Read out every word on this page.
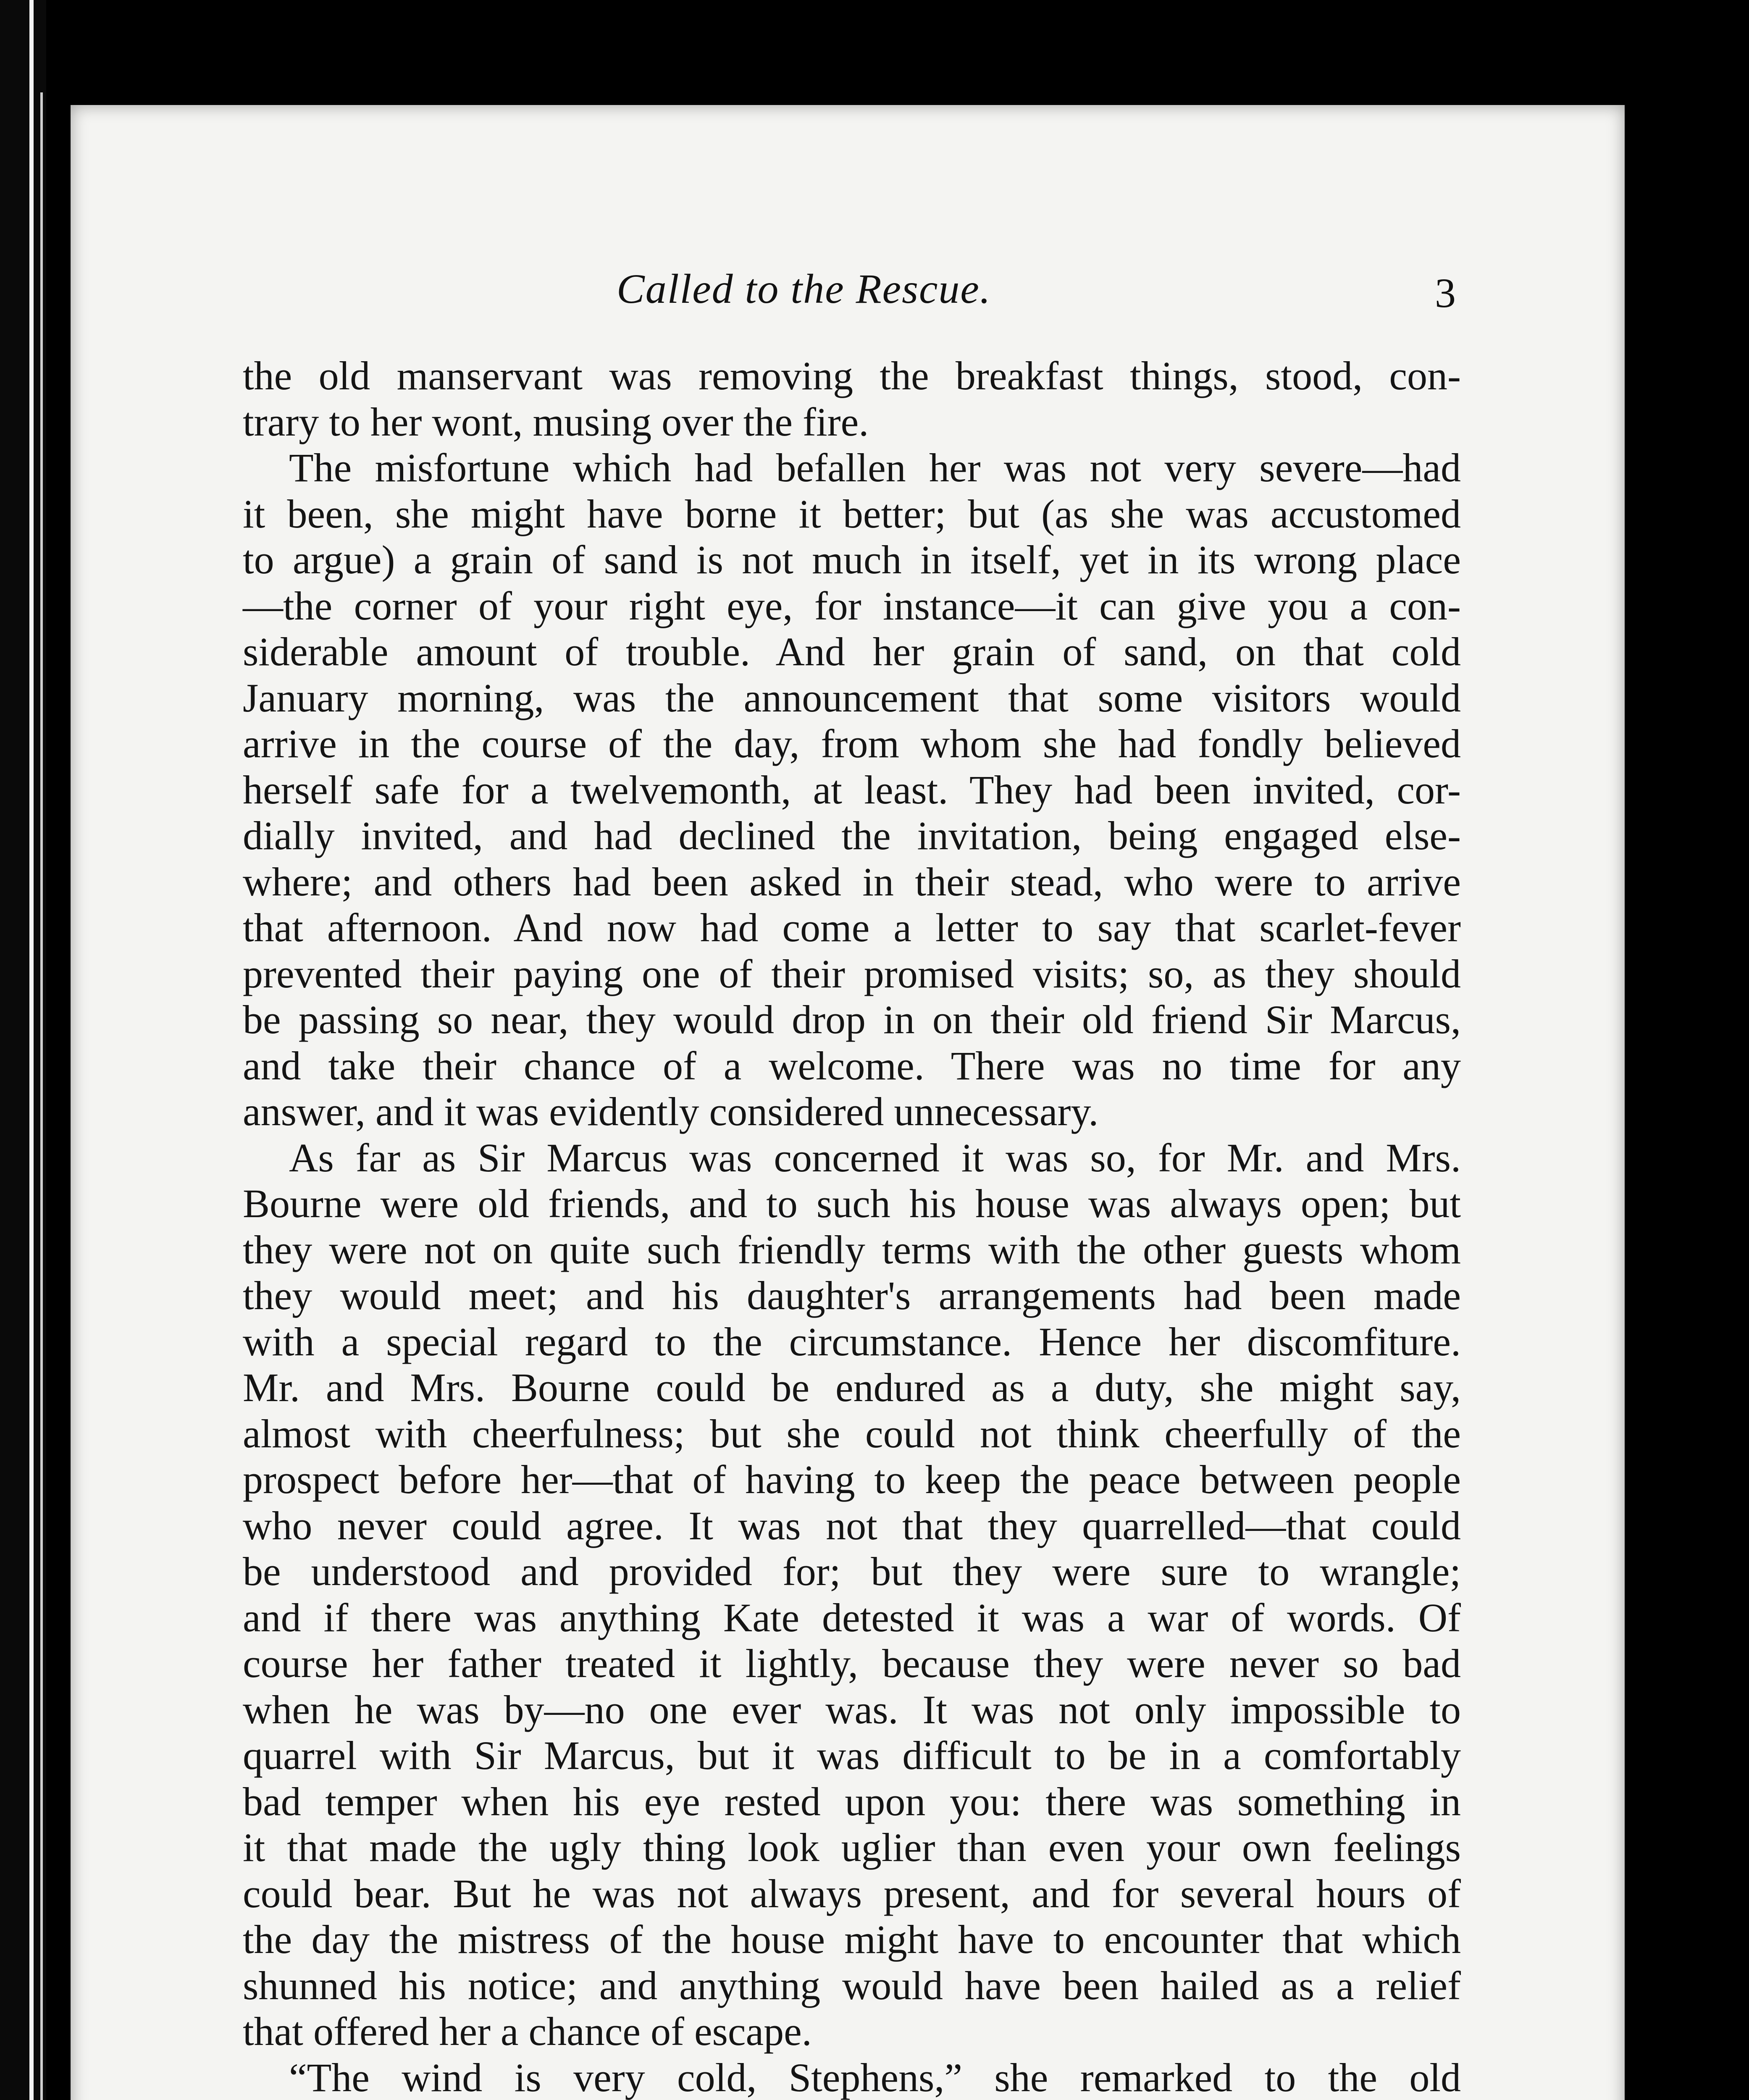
Called to the Rescue.	3
the old manservant was removing the breakfast things, stood, con-
trary to her wont, musing over the fire.
The misfortune which had befallen her was not very severe—had
it been, she might have borne it better; but (as she was accustomed
to argue) a grain of sand is not much in itself, yet in its wrong place
—the corner of your right eye, for instance—it can give you a con-
siderable amount of trouble. And her grain of sand, on that cold
January morning, was the announcement that some visitors would
arrive in the course of the day, from whom she had fondly believed
herself safe for a twelvemonth, at least. They had been invited, cor-
dially invited, and had declined the invitation, being engaged else-
where; and others had been asked in their stead, who were to arrive
that afternoon. And now had come a letter to say that scarlet-fever
prevented their paying one of their promised visits; so, as they should
be passing so near, they would drop in on their old friend Sir Marcus,
and take their chance of a welcome. There was no time for any
answer, and it was evidently considered unnecessary.
As far as Sir Marcus was concerned it was so, for Mr. and Mrs.
Bourne were old friends, and to such his house was always open; but
they were not on quite such friendly terms with the other guests whom
they would meet; and his daughter's arrangements had been made
with a special regard to the circumstance. Hence her discomfiture.
Mr. and Mrs. Bourne could be endured as a duty, she might say,
almost with cheerfulness; but she could not think cheerfully of the
prospect before her—that of having to keep the peace between people
who never could agree. It was not that they quarrelled—that could
be understood and provided for; but they were sure to wrangle;
and if there was anything Kate detested it was a war of words. Of
course her father treated it lightly, because they were never so bad
when he was by—no one ever was. It was not only impossible to
quarrel with Sir Marcus, but it was difficult to be in a comfortably
bad temper when his eye rested upon you: there was something in
it that made the ugly thing look uglier than even your own feelings
could bear. But he was not always present, and for several hours of
the day the mistress of the house might have to encounter that which
shunned his notice; and anything would have been hailed as a relief
that offered her a chance of escape.
“The wind is very cold, Stephens,” she remarked to the old
